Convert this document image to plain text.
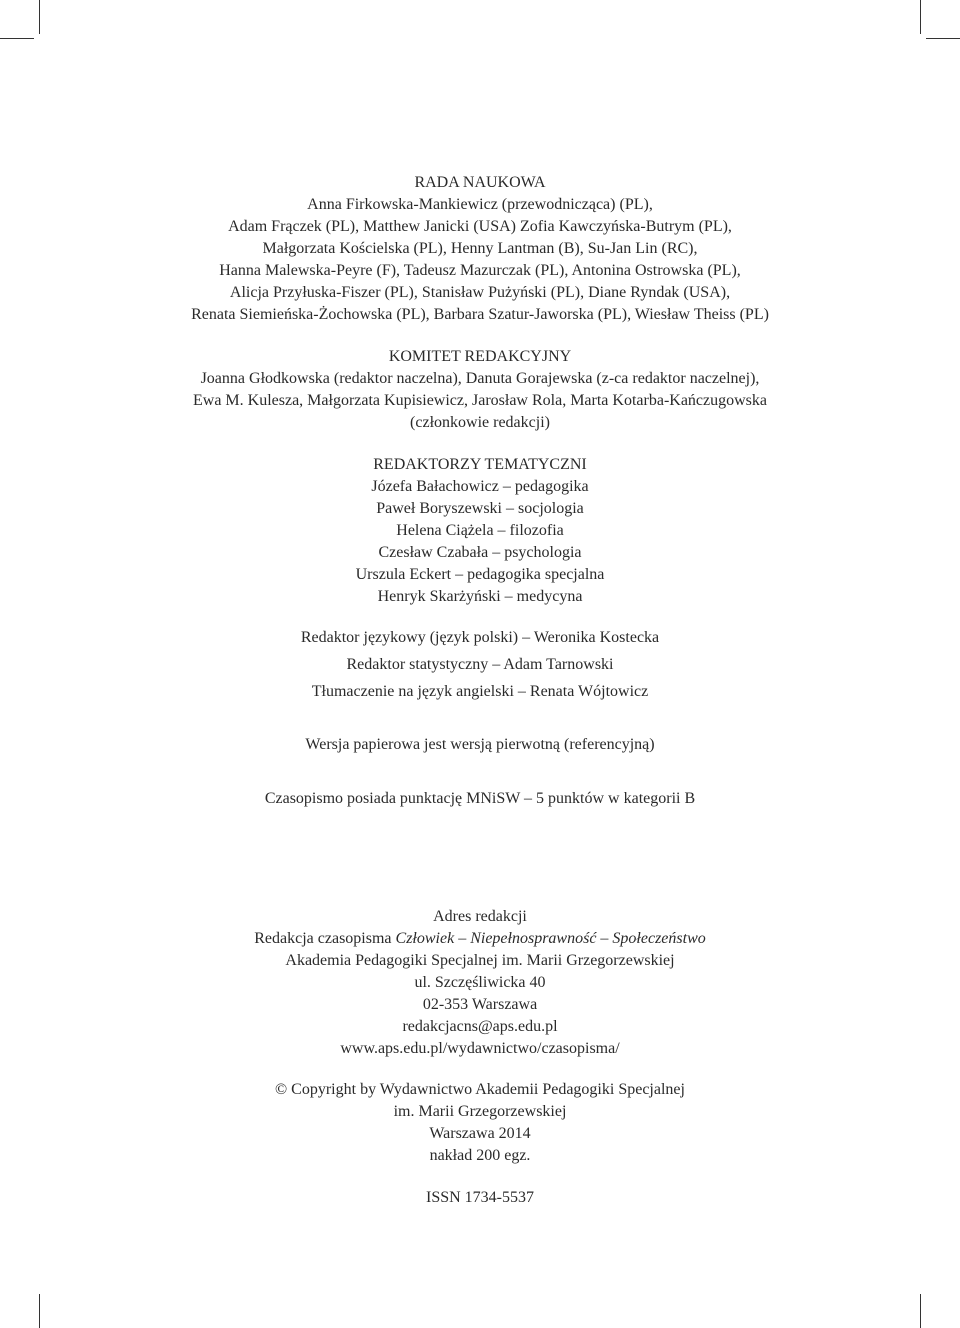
RADA NAUKOWA
Anna Firkowska-Mankiewicz (przewodnicząca) (PL),
Adam Frączek (PL), Matthew Janicki (USA) Zofia Kawczyńska-Butrym (PL),
Małgorzata Kościelska (PL), Henny Lantman (B), Su-Jan Lin (RC),
Hanna Malewska-Peyre (F), Tadeusz Mazurczak (PL), Antonina Ostrowska (PL),
Alicja Przyłuska-Fiszer (PL), Stanisław Pużyński (PL), Diane Ryndak (USA),
Renata Siemieńska-Żochowska (PL), Barbara Szatur-Jaworska (PL), Wiesław Theiss (PL)
KOMITET REDAKCYJNY
Joanna Głodkowska (redaktor naczelna), Danuta Gorajewska (z-ca redaktor naczelnej),
Ewa M. Kulesza, Małgorzata Kupisiewicz, Jarosław Rola, Marta Kotarba-Kańczugowska
(członkowie redakcji)
REDAKTORZY TEMATYCZNI
Józefa Bałachowicz – pedagogika
Paweł Boryszewski – socjologia
Helena Ciążela – filozofia
Czesław Czabała – psychologia
Urszula Eckert – pedagogika specjalna
Henryk Skarżyński – medycyna
Redaktor językowy (język polski) – Weronika Kostecka
Redaktor statystyczny – Adam Tarnowski
Tłumaczenie na język angielski – Renata Wójtowicz
Wersja papierowa jest wersją pierwotną (referencyjną)
Czasopismo posiada punktację MNiSW – 5 punktów w kategorii B
Adres redakcji
Redakcja czasopisma Człowiek – Niepełnosprawność – Społeczeństwo
Akademia Pedagogiki Specjalnej im. Marii Grzegorzewskiej
ul. Szczęśliwicka 40
02-353 Warszawa
redakcjacns@aps.edu.pl
www.aps.edu.pl/wydawnictwo/czasopisma/
© Copyright by Wydawnictwo Akademii Pedagogiki Specjalnej
im. Marii Grzegorzewskiej
Warszawa 2014
nakład 200 egz.
ISSN 1734-5537
